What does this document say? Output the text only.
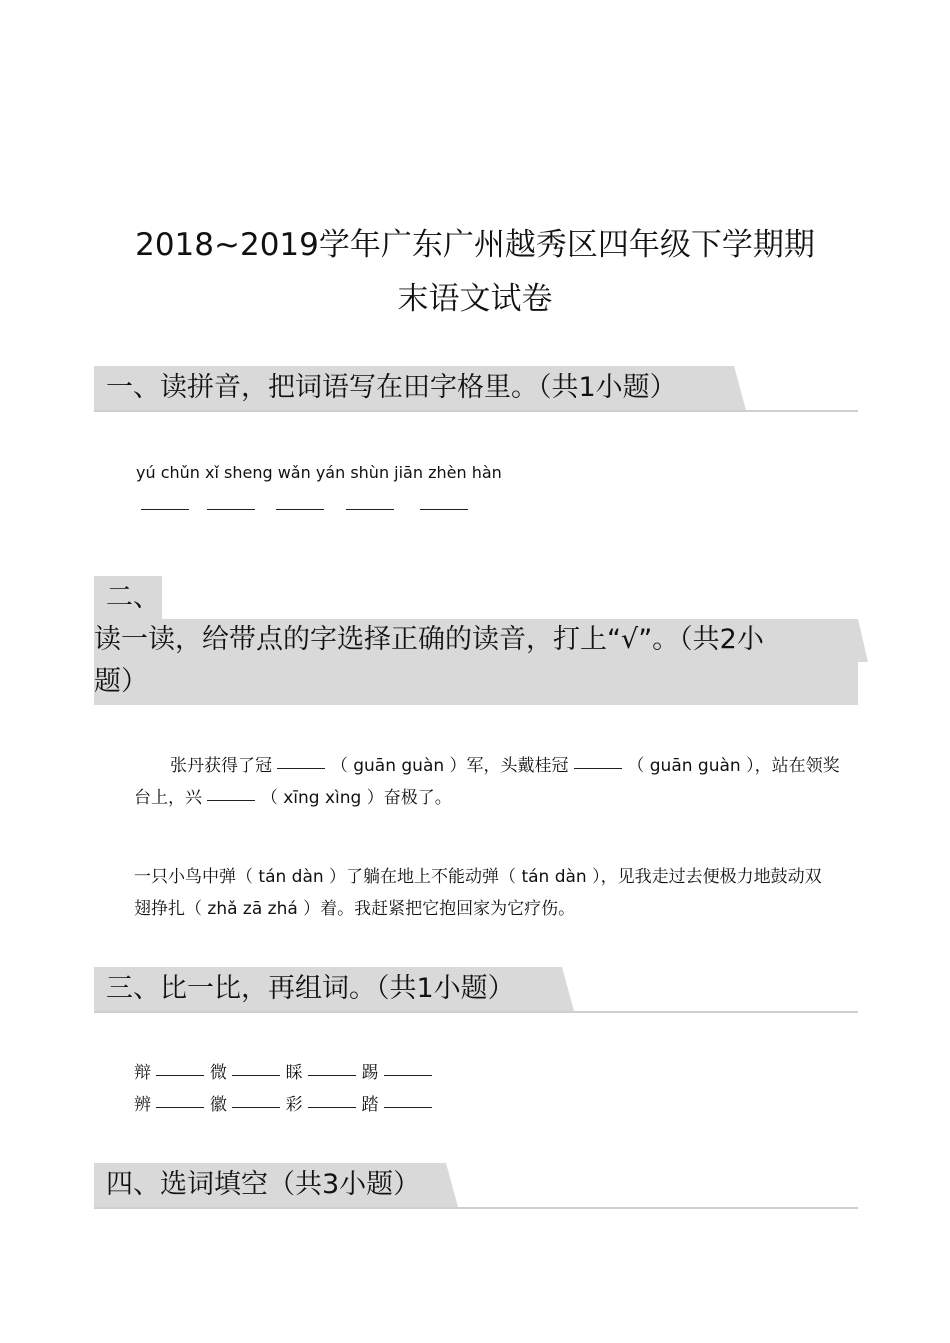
2018~2019学年广东广州越秀区四年级下学期期
末语文试卷
一、读拼音，把词语写在田字格里。（共1小题）
yú chǔn xǐ sheng wǎn yán shùn jiān zhèn hàn
二、
读一读，给带点的字选择正确的读音，打上“√”。（共2小
题）
张丹获得了冠	（ guān guàn ）军，头戴桂冠	（ guān guàn ），站在领奖
台上，兴	（ xīng xìng ）奋极了。
一只小鸟中弹（ tán dàn ）了躺在地上不能动弹（ tán dàn ），见我走过去便极力地鼓动双
翅挣扎（ zhǎ zā zhá ）着。我赶紧把它抱回家为它疗伤。
三、比一比，再组词。（共1小题）
辩	微	睬	踢
辨	徽	彩	踏
四、选词填空（共3小题）
